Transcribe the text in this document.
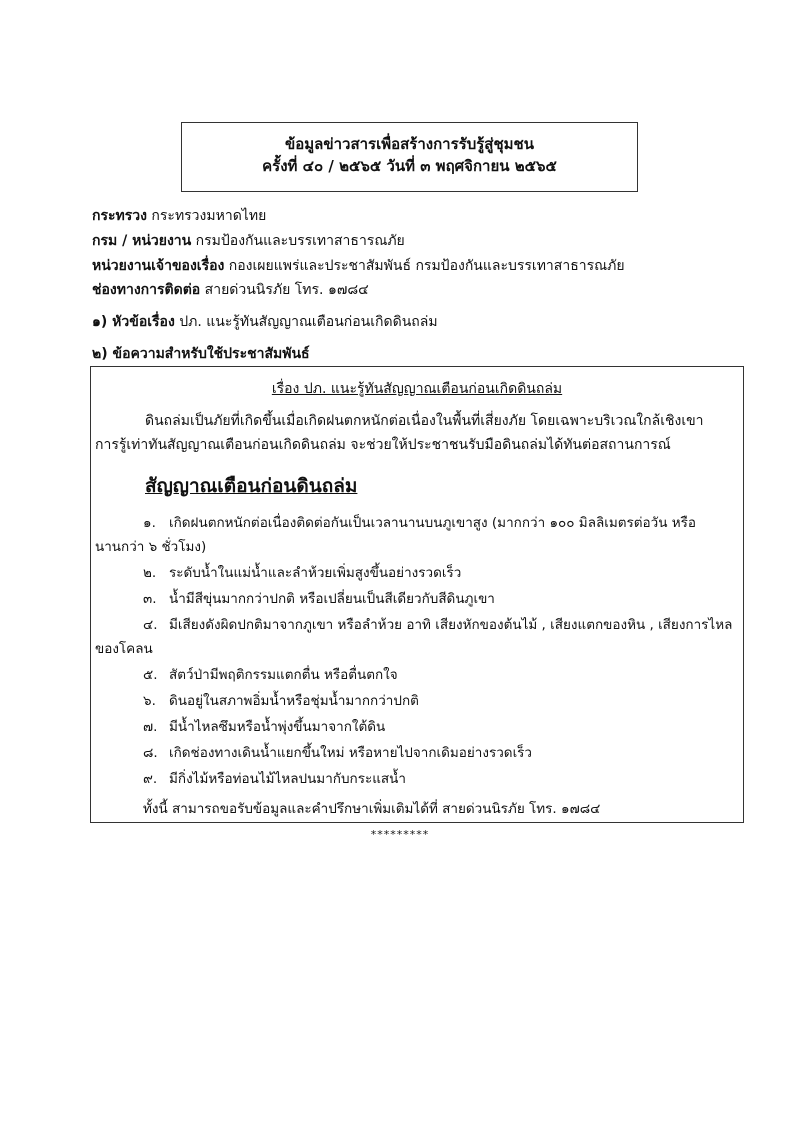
ข้อมูลข่าวสารเพื่อสร้างการรับรู้สู่ชุมชน
ครั้งที่ ๔๐ / ๒๕๖๕ วันที่ ๓ พฤศจิกายน ๒๕๖๕
กระทรวง กระทรวงมหาดไทย
กรม / หน่วยงาน กรมป้องกันและบรรเทาสาธารณภัย
หน่วยงานเจ้าของเรื่อง กองเผยแพร่และประชาสัมพันธ์ กรมป้องกันและบรรเทาสาธารณภัย
ช่องทางการติดต่อ สายด่วนนิรภัย โทร. ๑๗๘๔
๑) หัวข้อเรื่อง ปภ. แนะรู้ทันสัญญาณเตือนก่อนเกิดดินถล่ม
๒) ข้อความสำหรับใช้ประชาสัมพันธ์
เรื่อง ปภ. แนะรู้ทันสัญญาณเตือนก่อนเกิดดินถล่ม
ดินถล่มเป็นภัยที่เกิดขึ้นเมื่อเกิดฝนตกหนักต่อเนื่องในพื้นที่เสี่ยงภัย โดยเฉพาะบริเวณใกล้เชิงเขา
การรู้เท่าทันสัญญาณเตือนก่อนเกิดดินถล่ม จะช่วยให้ประชาชนรับมือดินถล่มได้ทันต่อสถานการณ์
สัญญาณเตือนก่อนดินถล่ม
๑. เกิดฝนตกหนักต่อเนื่องติดต่อกันเป็นเวลานานบนภูเขาสูง (มากกว่า ๑๐๐ มิลลิเมตรต่อวัน หรือ
นานกว่า ๖ ชั่วโมง)
๒. ระดับน้ำในแม่น้ำและลำห้วยเพิ่มสูงขึ้นอย่างรวดเร็ว
๓. น้ำมีสีขุ่นมากกว่าปกติ หรือเปลี่ยนเป็นสีเดียวกับสีดินภูเขา
๔. มีเสียงดังผิดปกติมาจากภูเขา หรือลำห้วย อาทิ เสียงหักของต้นไม้ , เสียงแตกของหิน , เสียงการไหล
ของโคลน
๕. สัตว์ป่ามีพฤติกรรมแตกตื่น หรือตื่นตกใจ
๖. ดินอยู่ในสภาพอิ่มน้ำหรือชุ่มน้ำมากกว่าปกติ
๗. มีน้ำไหลซึมหรือน้ำพุ่งขึ้นมาจากใต้ดิน
๘. เกิดช่องทางเดินน้ำแยกขึ้นใหม่ หรือหายไปจากเดิมอย่างรวดเร็ว
๙. มีกิ่งไม้หรือท่อนไม้ไหลปนมากับกระแสน้ำ
ทั้งนี้ สามารถขอรับข้อมูลและคำปรึกษาเพิ่มเติมได้ที่ สายด่วนนิรภัย โทร. ๑๗๘๔
*********
